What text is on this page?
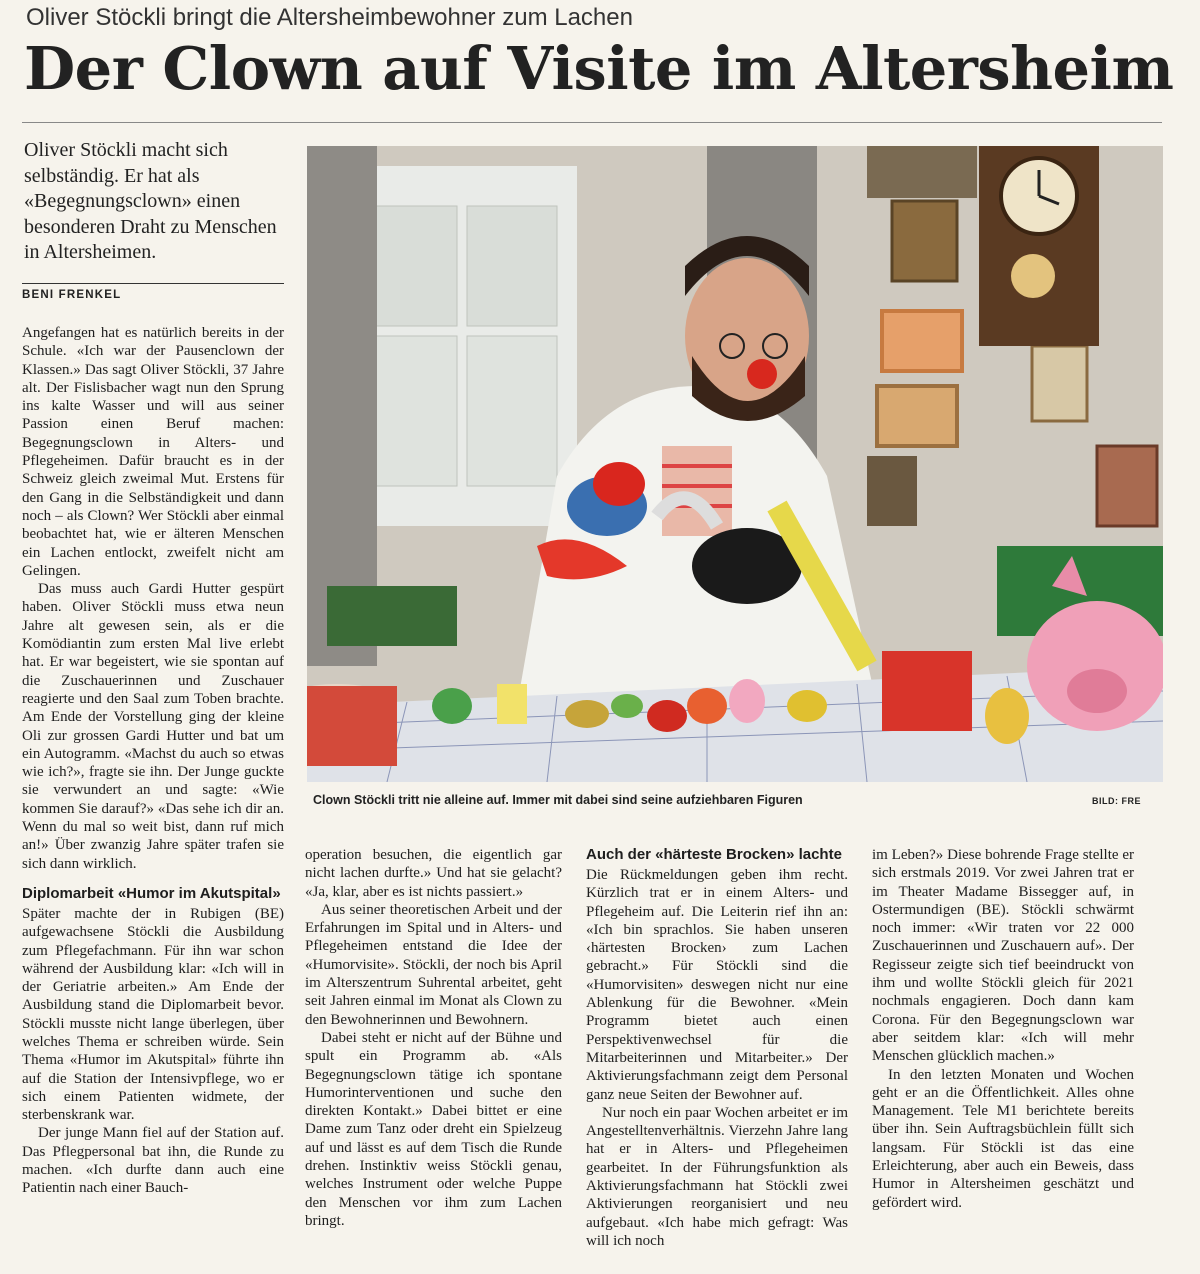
Oliver Stöckli bringt die Altersheimbewohner zum Lachen
Der Clown auf Visite im Altersheim
Oliver Stöckli macht sich selbständig. Er hat als «Begegnungsclown» einen besonderen Draht zu Menschen in Altersheimen.
BENI FRENKEL
Clown Stöckli tritt nie alleine auf. Immer mit dabei sind seine aufziehbaren Figuren	BILD: FRE

Angefangen hat es natürlich bereits in der Schule. «Ich war der Pausenclown der Klassen.» Das sagt Oliver Stöckli, 37 Jahre alt. Der Fislisbacher wagt nun den Sprung ins kalte Wasser und will aus seiner Passion einen Beruf machen: Begegnungsclown in Alters- und Pflegeheimen. Dafür braucht es in der Schweiz gleich zweimal Mut. Erstens für den Gang in die Selbständigkeit und dann noch – als Clown? Wer Stöckli aber einmal beobachtet hat, wie er älteren Menschen ein Lachen entlockt, zweifelt nicht am Gelingen.

Das muss auch Gardi Hutter gespürt haben. Oliver Stöckli muss etwa neun Jahre alt gewesen sein, als er die Komödiantin zum ersten Mal live erlebt hat. Er war begeistert, wie sie spontan auf die Zuschauerinnen und Zuschauer reagierte und den Saal zum Toben brachte. Am Ende der Vorstellung ging der kleine Oli zur grossen Gardi Hutter und bat um ein Autogramm. «Machst du auch so etwas wie ich?», fragte sie ihn. Der Junge guckte sie verwundert an und sagte: «Wie kommen Sie darauf?» «Das sehe ich dir an. Wenn du mal so weit bist, dann ruf mich an!» Über zwanzig Jahre später trafen sie sich dann wirklich.

Diplomarbeit «Humor im Akutspital»

Später machte der in Rubigen (BE) aufgewachsene Stöckli die Ausbildung zum Pflegefachmann. Für ihn war schon während der Ausbildung klar: «Ich will in der Geriatrie arbeiten.» Am Ende der Ausbildung stand die Diplomarbeit bevor. Stöckli musste nicht lange überlegen, über welches Thema er schreiben würde. Sein Thema «Humor im Akutspital» führte ihn auf die Station der Intensivpflege, wo er sich einem Patienten widmete, der sterbenskrank war.

Der junge Mann fiel auf der Station auf. Das Pflegpersonal bat ihn, die Runde zu machen. «Ich durfte dann auch eine Patientin nach einer Bauch-

operation besuchen, die eigentlich gar nicht lachen durfte.» Und hat sie gelacht? «Ja, klar, aber es ist nichts passiert.»

Aus seiner theoretischen Arbeit und der Erfahrungen im Spital und in Alters- und Pflegeheimen entstand die Idee der «Humorvisite». Stöckli, der noch bis April im Alterszentrum Suhrental arbeitet, geht seit Jahren einmal im Monat als Clown zu den Bewohnerinnen und Bewohnern.

Dabei steht er nicht auf der Bühne und spult ein Programm ab. «Als Begegnungsclown tätige ich spontane Humorinterventionen und suche den direkten Kontakt.» Dabei bittet er eine Dame zum Tanz oder dreht ein Spielzeug auf und lässt es auf dem Tisch die Runde drehen. Instinktiv weiss Stöckli genau, welches Instrument oder welche Puppe den Menschen vor ihm zum Lachen bringt.

Auch der «härteste Brocken» lachte

Die Rückmeldungen geben ihm recht. Kürzlich trat er in einem Alters- und Pflegeheim auf. Die Leiterin rief ihn an: «Ich bin sprachlos. Sie haben unseren ‹härtesten Brocken› zum Lachen gebracht.» Für Stöckli sind die «Humorvisiten» deswegen nicht nur eine Ablenkung für die Bewohner. «Mein Programm bietet auch einen Perspektivenwechsel für die Mitarbeiterinnen und Mitarbeiter.» Der Aktivierungsfachmann zeigt dem Personal ganz neue Seiten der Bewohner auf.

Nur noch ein paar Wochen arbeitet er im Angestelltenverhältnis. Vierzehn Jahre lang hat er in Alters- und Pflegeheimen gearbeitet. In der Führungsfunktion als Aktivierungsfachmann hat Stöckli zwei Aktivierungen reorganisiert und neu aufgebaut. «Ich habe mich gefragt: Was will ich noch

im Leben?» Diese bohrende Frage stellte er sich erstmals 2019. Vor zwei Jahren trat er im Theater Madame Bissegger auf, in Ostermundigen (BE). Stöckli schwärmt noch immer: «Wir traten vor 22 000 Zuschauerinnen und Zuschauern auf». Der Regisseur zeigte sich tief beeindruckt von ihm und wollte Stöckli gleich für 2021 nochmals engagieren. Doch dann kam Corona. Für den Begegnungsclown war aber seitdem klar: «Ich will mehr Menschen glücklich machen.»

In den letzten Monaten und Wochen geht er an die Öffentlichkeit. Alles ohne Management. Tele M1 berichtete bereits über ihn. Sein Auftragsbüchlein füllt sich langsam. Für Stöckli ist das eine Erleichterung, aber auch ein Beweis, dass Humor in Altersheimen geschätzt und gefördert wird.
